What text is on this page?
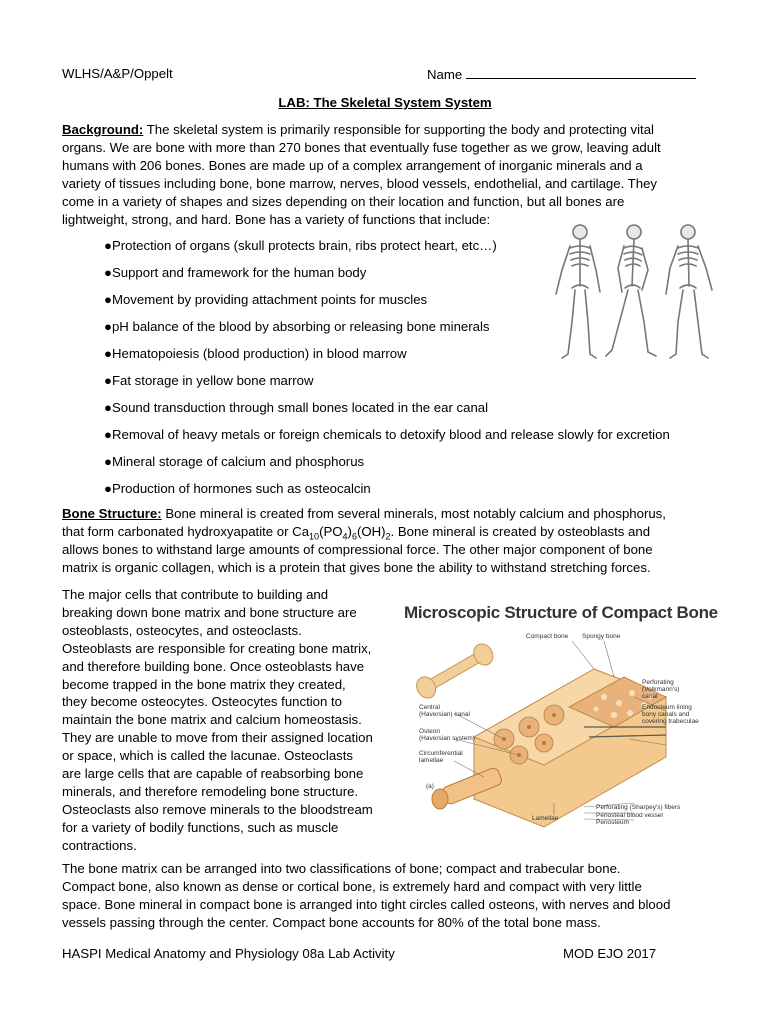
WLHS/A&P/Oppelt	Name
LAB: The Skeletal System System
Background: The skeletal system is primarily responsible for supporting the body and protecting vital
organs. We are bone with more than 270 bones that eventually fuse together as we grow, leaving adult
humans with 206 bones. Bones are made up of a complex arrangement of inorganic minerals and a
variety of tissues including bone, bone marrow, nerves, blood vessels, endothelial, and cartilage. They
come in a variety of shapes and sizes depending on their location and function, but all bones are
lightweight, strong, and hard. Bone has a variety of functions that include:
●Protection of organs (skull protects brain, ribs protect heart, etc…)
●Support and framework for the human body
●Movement by providing attachment points for muscles
●pH balance of the blood by absorbing or releasing bone minerals
●Hematopoiesis (blood production) in blood marrow
●Fat storage in yellow bone marrow
●Sound transduction through small bones located in the ear canal
●Removal of heavy metals or foreign chemicals to detoxify blood and release slowly for excretion
●Mineral storage of calcium and phosphorus
●Production of hormones such as osteocalcin
Bone Structure: Bone mineral is created from several minerals, most notably calcium and phosphorus,
that form carbonated hydroxyapatite or $Ca_{10}(PO_4)_6(OH)_2$. Bone mineral is created by osteoblasts and
allows bones to withstand large amounts of compressional force. The other major component of bone
matrix is organic collagen, which is a protein that gives bone the ability to withstand stretching forces.
The major cells that contribute to building and
breaking down bone matrix and bone structure are
osteoblasts, osteocytes, and osteoclasts.
Osteoblasts are responsible for creating bone matrix,
and therefore building bone. Once osteoblasts have
become trapped in the bone matrix they created,
they become osteocytes. Osteocytes function to
maintain the bone matrix and calcium homeostasis.
They are unable to move from their assigned location
or space, which is called the lacunae. Osteoclasts
are large cells that are capable of reabsorbing bone
minerals, and therefore remodeling bone structure.
Osteoclasts also remove minerals to the bloodstream
for a variety of bodily functions, such as muscle
contractions.
Microscopic Structure of Compact Bone
Compact bone Spongy bone
Central
(Haversian) canal
Osteon
(Haversian system)
Circumferential
lamellae
(a)
Lamellae
Perforating
(Volkmann's)
canal
Endosteum lining
bony canals and
covering trabeculae
Perforating (Sharpey's) fibers
Periosteal blood vessel
Periosteum
The bone matrix can be arranged into two classifications of bone; compact and trabecular bone.
Compact bone, also known as dense or cortical bone, is extremely hard and compact with very little
space. Bone mineral in compact bone is arranged into tight circles called osteons, with nerves and blood
vessels passing through the center. Compact bone accounts for 80% of the total bone mass.
HASPI Medical Anatomy and Physiology 08a Lab Activity	MOD EJO 2017
